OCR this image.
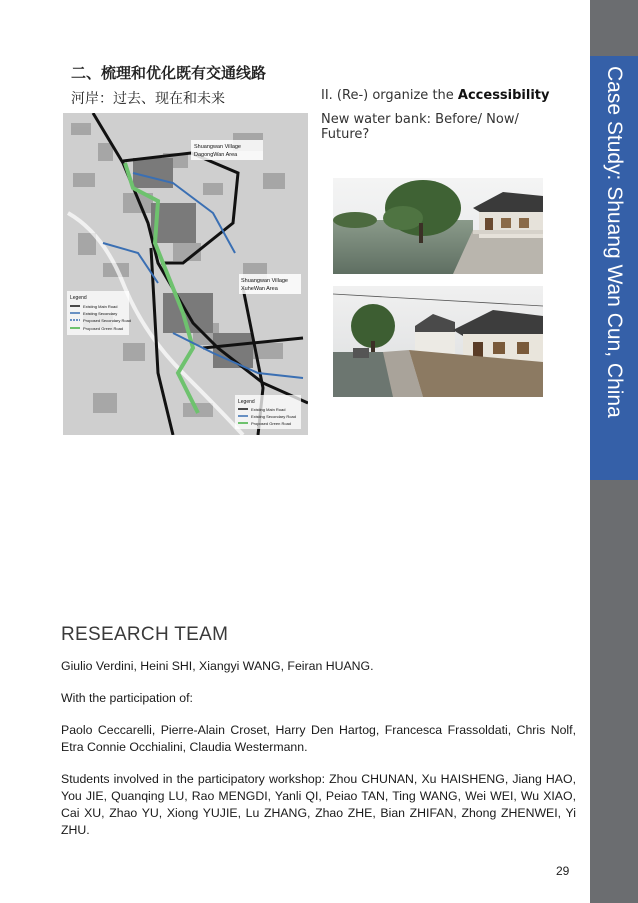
Case Study: Shuang Wan Cun, China
二、梳理和优化既有交通线路
河岸：过去、现在和未来	II. (Re-) organize the Accessibility
New water bank: Before/ Now/ Future?
Shuangwan Village
DagongWan Area
Shuangwan Village
XuheWan Area
Legend
Existing Main Road
Existing Secondary
Proposed Secondary Road
Proposed Green Road
Legend
Existing Main Road
Existing Secondary Road
Proposed Green Road
RESEARCH TEAM

Giulio Verdini, Heini SHI, Xiangyi WANG, Feiran HUANG.

With the participation of:

Paolo Ceccarelli, Pierre-Alain Croset, Harry Den Hartog, Francesca Frassoldati, Chris Nolf, Etra Connie Occhialini, Claudia Westermann.

Students involved in the participatory workshop: Zhou CHUNAN, Xu HAISHENG, Jiang HAO, You JIE, Quanqing LU, Rao MENGDI, Yanli QI, Peiao TAN, Ting WANG, Wei WEI, Wu XIAO, Cai XU, Zhao YU, Xiong YUJIE, Lu ZHANG, Zhao ZHE, Bian ZHIFAN, Zhong ZHENWEI, Yi ZHU.

29
